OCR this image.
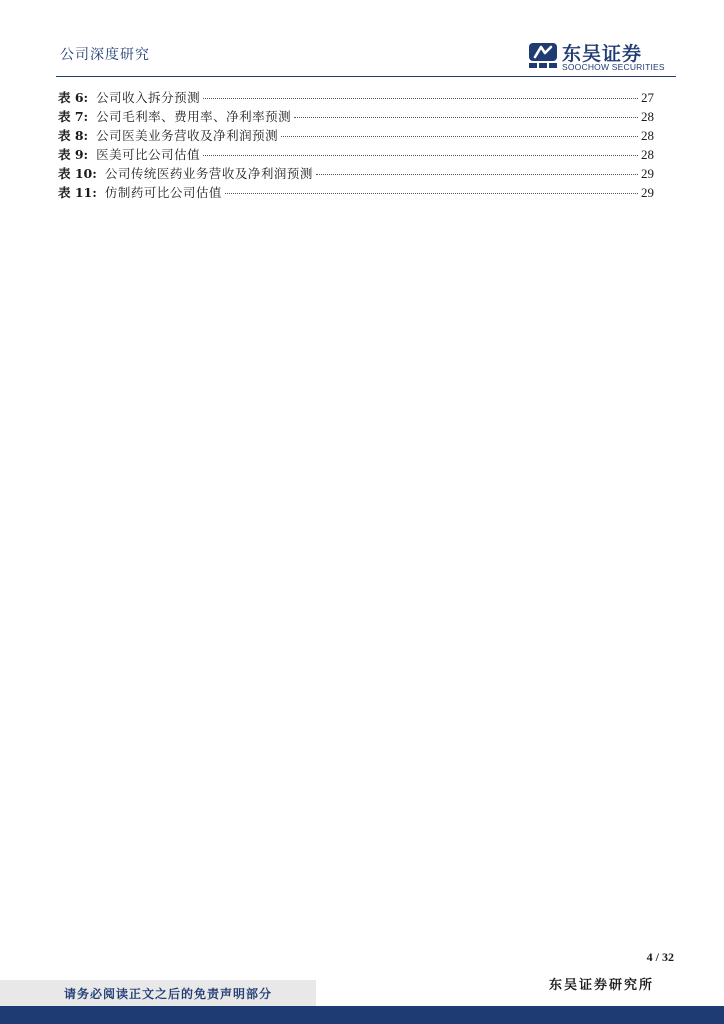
公司深度研究	东吴证券
SOOCHOW SECURITIES
表 6: 公司收入拆分预测	27
表 7: 公司毛利率、费用率、净利率预测	28
表 8: 公司医美业务营收及净利润预测	28
表 9: 医美可比公司估值	28
表 10: 公司传统医药业务营收及净利润预测	29
表 11: 仿制药可比公司估值	29
4 / 32
东吴证券研究所
请务必阅读正文之后的免责声明部分
